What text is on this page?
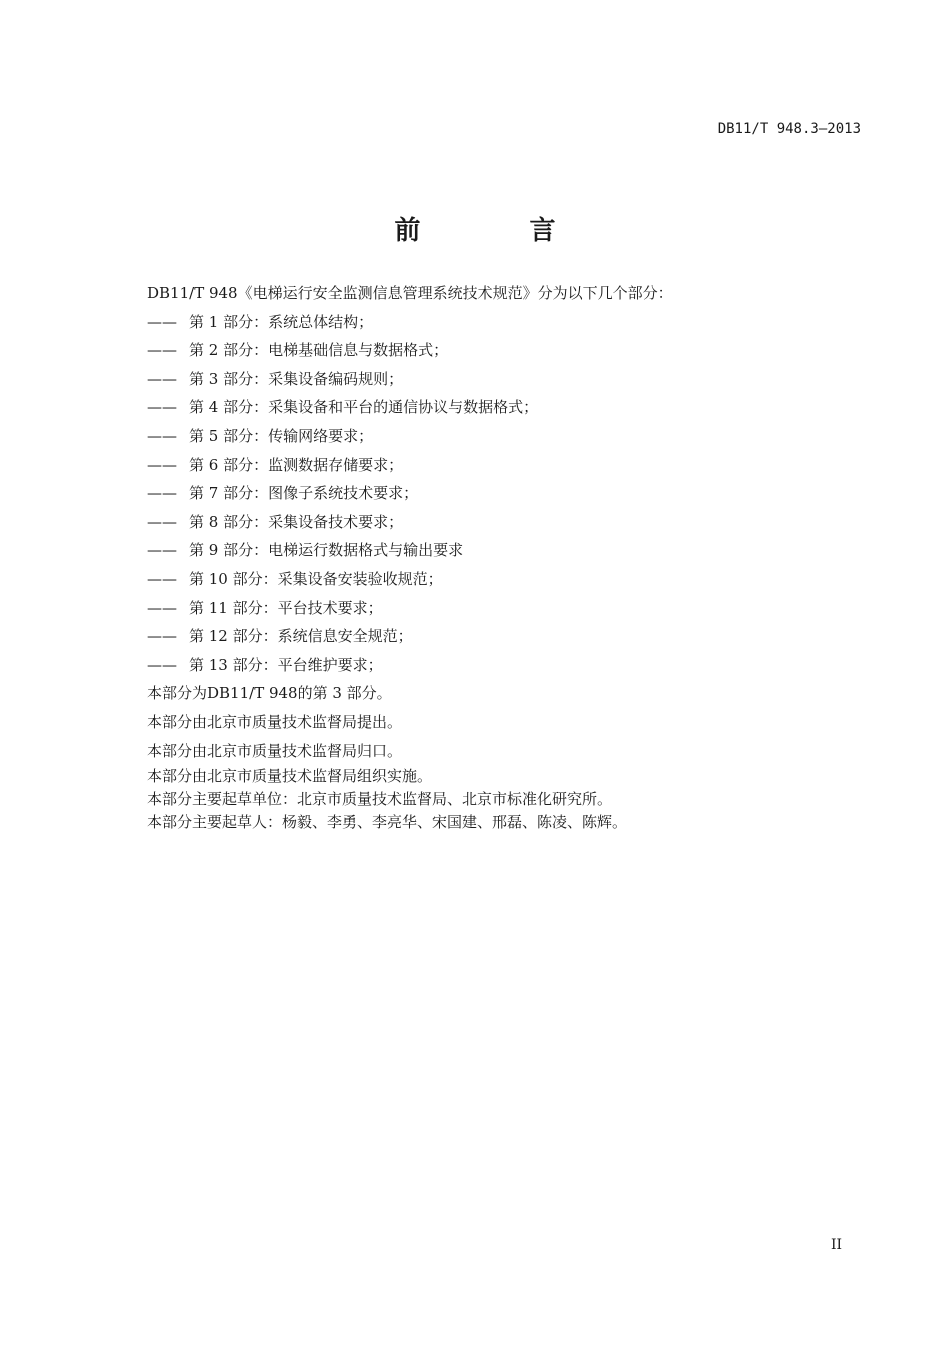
DB11/T 948.3—2013
前 言
DB11/T 948《电梯运行安全监测信息管理系统技术规范》分为以下几个部分：
—— 第 1 部分：系统总体结构；
—— 第 2 部分：电梯基础信息与数据格式；
—— 第 3 部分：采集设备编码规则；
—— 第 4 部分：采集设备和平台的通信协议与数据格式；
—— 第 5 部分：传输网络要求；
—— 第 6 部分：监测数据存储要求；
—— 第 7 部分：图像子系统技术要求；
—— 第 8 部分：采集设备技术要求；
—— 第 9 部分：电梯运行数据格式与输出要求
—— 第 10 部分：采集设备安装验收规范；
—— 第 11 部分：平台技术要求；
—— 第 12 部分：系统信息安全规范；
—— 第 13 部分：平台维护要求；
本部分为DB11/T 948的第 3 部分。
本部分由北京市质量技术监督局提出。
本部分由北京市质量技术监督局归口。
本部分由北京市质量技术监督局组织实施。
本部分主要起草单位：北京市质量技术监督局、北京市标准化研究所。
本部分主要起草人：杨毅、李勇、李亮华、宋国建、邢磊、陈凌、陈辉。
II
